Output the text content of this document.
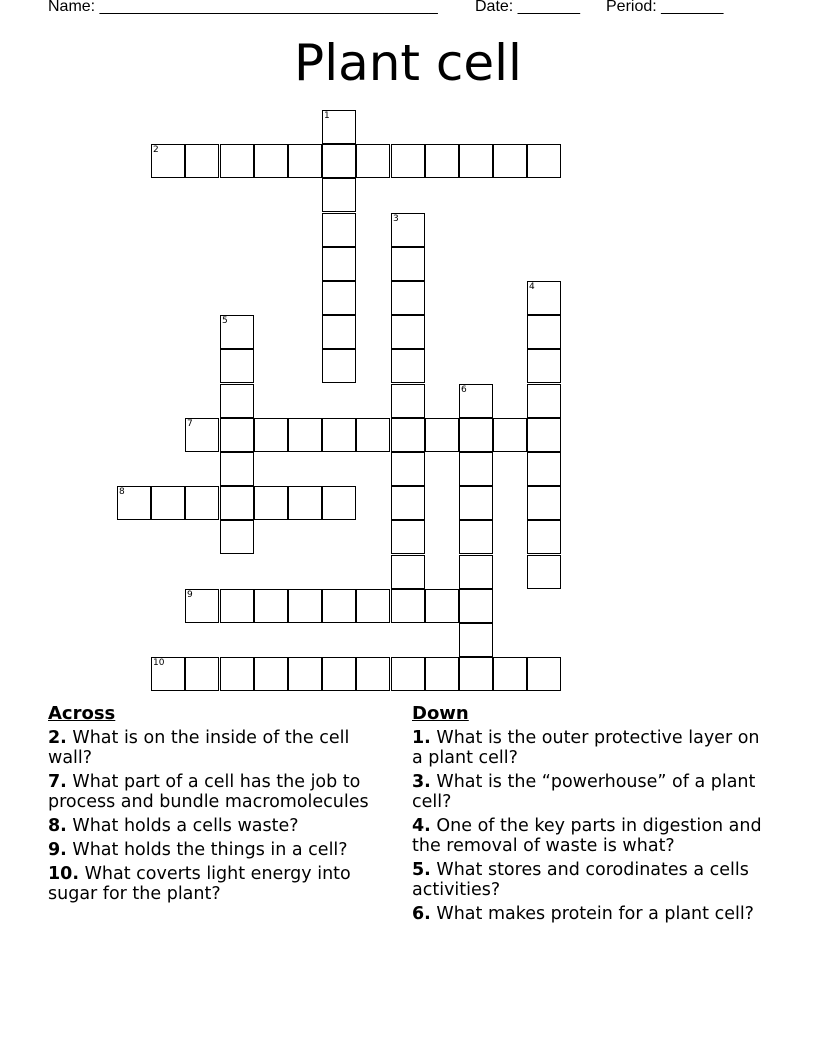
Name: ______________________________________ Date: _______ Period: _______
Plant cell
1
2
3
4
5
6
7
8
9
10
Across
2. What is on the inside of the cell wall?
7. What part of a cell has the job to process and bundle macromolecules
8. What holds a cells waste?
9. What holds the things in a cell?
10. What coverts light energy into sugar for the plant?
Down
1. What is the outer protective layer on a plant cell?
3. What is the “powerhouse” of a plant cell?
4. One of the key parts in digestion and the removal of waste is what?
5. What stores and corodinates a cells activities?
6. What makes protein for a plant cell?
